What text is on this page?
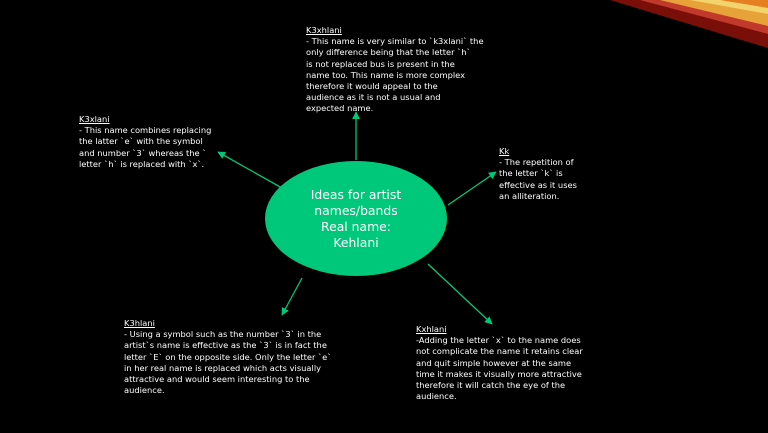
K3xhlani
- This name is very similar to `k3xlani` the
only difference being that the letter `h`
is not replaced bus is present in the
name too. This name is more complex
therefore it would appeal to the
audience as it is not a usual and
expected name.
K3xlani
- This name combines replacing
the latter `e` with the symbol
and number `3` whereas the `
letter `h` is replaced with `x`.
Kk
- The repetition of
the letter `k` is
effective as it uses
an alliteration.
K3hlani
- Using a symbol such as the number `3` in the
artist`s name is effective as the `3` is in fact the
letter `E` on the opposite side. Only the letter `e`
in her real name is replaced which acts visually
attractive and would seem interesting to the
audience.
Kxhlani
-Adding the letter `x` to the name does
not complicate the name it retains clear
and quit simple however at the same
time it makes it visually more attractive
therefore it will catch the eye of the
audience.
Ideas for artist
names/bands
Real name:
Kehlani
